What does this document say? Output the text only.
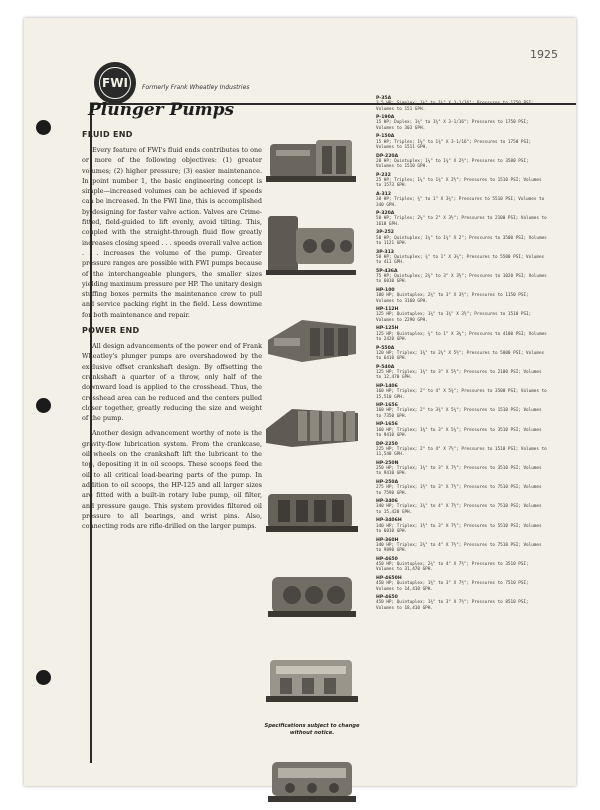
1925
FWI Formerly Frank Wheatley Industries
Plunger Pumps
FLUID END

Every feature of FWI's fluid ends contributes to one or more of the following objectives: (1) greater volumes; (2) higher pressure; (3) easier maintenance. In point number 1, the basic engineering concept is simple—increased volumes can be achieved if speeds can be increased. In the FWI line, this is accomplished by designing for faster valve action. Valves are Crime-fitted, field-guided to lift evenly, avoid tilting. This, coupled with the straight-through fluid flow greatly increases closing speed . . . speeds overall valve action . . . increases the volume of the pump. Greater pressure ranges are possible with FWI pumps because of the interchangeable plungers, the smaller sizes yielding maximum pressure per HP. The unitary design stuffing boxes permits the maintenance crew to pull and service packing right in the field. Less downtime for both maintenance and repair.

POWER END

All design advancements of the power end of Frank Wheatley's plunger pumps are overshadowed by the exclusive offset crankshaft design. By offsetting the crankshaft a quarter of a throw, only half of the downward load is applied to the crosshead. Thus, the crosshead area can be reduced and the centers pulled closer together, greatly reducing the size and weight of the pump.

Another design advancement worthy of note is the gravity-flow lubrication system. From the crankcase, oil wheels on the crankshaft lift the lubricant to the top, depositing it in oil scoops. These scoops feed the oil to all critical load-bearing parts of the pump. In addition to oil scoops, the HP-125 and all larger sizes are fitted with a built-in rotary lube pump, oil filter, and pressure gauge. This system provides filtered oil pressure to all bearings, and wrist pins. Also, connecting rods are rifle-drilled on the larger pumps.

Specifications subject to change without notice.
P-35A
3.5 HP; Simplex; 1¼" to 1¾" X 3-1/16"; Pressures to 1750 PSI; Volumes to 151 GPH.
P-190A
15 HP; Duplex; 1¼" to 1¾" X 3-1/16"; Pressures to 1750 PSI; Volumes to 303 GPH.
P-150A
15 HP; Triplex; 1¼" to 1¾" X 3-1/16"; Pressures to 1750 PSI; Volumes to 1511 GPH.
DP-220A
20 HP; Quintuplex; 1¼" to 1¾" X 2½"; Pressures to 3500 PSI; Volumes to 1510 GPH.
P-232
25 HP; Triplex; 1¼" to 1¾" X 2½"; Pressures to 1510 PSI; Volumes to 1573 GPH.
A-312
30 HP; Triplex; ¾" to 1" X 3¼"; Pressures to 5510 PSI; Volumes to 340 GPH.
P-320A
50 HP; Triplex; 2¼" to 2" X 3½"; Pressures to 2100 PSI; Volumes to 1618 GPH.
3P-252
50 HP; Quintuplex; 1¼" to 1¾" X 2"; Pressures to 3500 PSI; Volumes to 1121 GPH.
3P-313
50 HP; Quintuplex; ¾" to 1" X 3¼"; Pressures to 5500 PSI; Volumes to 411 GPH.
5P-436A
75 HP; Quintuplex; 2¾" to 3" X 3½"; Pressures to 1020 PSI; Volumes to 6010 GPH.
HP-100
100 HP; Quintuplex; 2¼" to 3" X 3½"; Pressures to 1150 PSI; Volumes to 3160 GPH.
HP-112H
125 HP; Quintuplex; 1¼" to 1¾" X 3½"; Pressures to 1510 PSI; Volumes to 2290 GPH.
HP-125H
125 HP; Quintuplex; ¾" to 1" X 3¼"; Pressures to 4100 PSI; Volumes to 2420 GPH.
P-550A
120 HP; Triplex; 1¾" to 2¾" X 5½"; Pressures to 5000 PSI; Volumes to 6410 GPH.
P-540A
125 HP; Triplex; 1¾" to 3" X 5½"; Pressures to 2100 PSI; Volumes to 12,470 GPH.
HP-1406
160 HP; Triplex; 2" to 4" X 5¾"; Pressures to 3500 PSI; Volumes to 15,510 GPH.
HP-1656
160 HP; Triplex; 2" to 3¾" X 5¾"; Pressures to 1510 PSI; Volumes to 7350 GPH.
HP-1656
160 HP; Triplex; 1¾" to 3" X 5¾"; Pressures to 3510 PSI; Volumes to 9410 GPH.
DP-2250
225 HP; Triplex; 2" to 4" X 7½"; Pressures to 1510 PSI; Volumes to 11,540 GPH.
HP-250N
250 HP; Triplex; 1¾" to 3" X 7½"; Pressures to 3510 PSI; Volumes to 9410 GPH.
HP-250A
275 HP; Triplex; 1½" to 3" X 7½"; Pressures to 7510 PSI; Volumes to 7590 GPH.
HP-3406
340 HP; Triplex; 1¾" to 4" X 7½"; Pressures to 7510 PSI; Volumes to 15,420 GPH.
HP-3406H
340 HP; Triplex; 1½" to 3" X 7½"; Pressures to 5510 PSI; Volumes to 6010 GPH.
HP-360H
340 HP; Triplex; 2¾" to 4" X 7½"; Pressures to 7510 PSI; Volumes to 9890 GPH.
HP-4650
450 HP; Quintuplex; 2¼" to 4" X 7½"; Pressures to 3510 PSI; Volumes to 31,470 GPH.
HP-4650H
450 HP; Quintuplex; 1¾" to 3" X 7½"; Pressures to 7510 PSI; Volumes to 14,410 GPH.
HP-4650
450 HP; Quintuplex; 1¾" to 3" X 7½"; Pressures to 8510 PSI; Volumes to 18,410 GPH.
